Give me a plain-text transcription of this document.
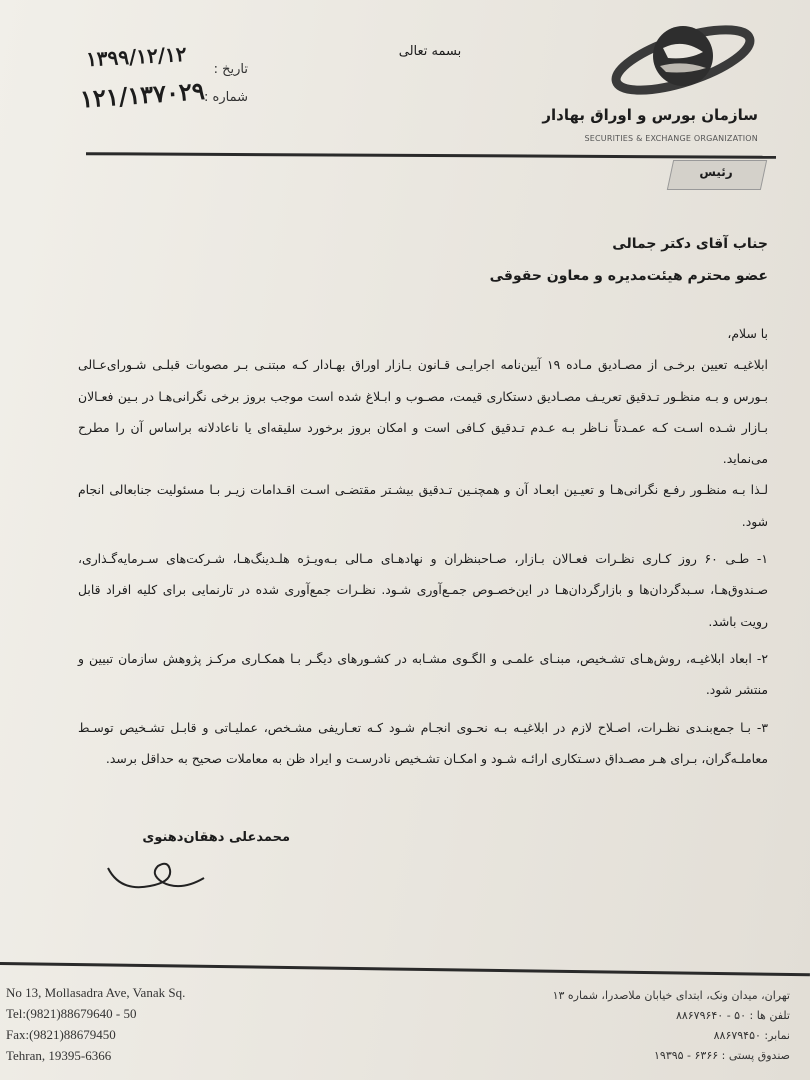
سازمان بورس و اوراق بهادار
SECURITIES & EXCHANGE ORGANIZATION
بسمه تعالی
تاریخ :
۱۳۹۹/۱۲/۱۲
شماره :
۱۲۱/۱۳۷۰۲۹
رئیس
جناب آقای دکتر جمالی
عضو محترم هیئت‌مدیره و معاون حقوقی

با سلام،

ابلاغیـه تعیین برخـی از مصـادیق مـاده ۱۹ آیین‌نامه اجرایـی قـانون بـازار اوراق بهـادار کـه مبتنـی بـر مصوبات قبلـی شـورای‌عـالی بـورس و بـه منظـور تـدقیق تعریـف مصـادیق دستکاری قیمت، مصـوب و ابـلاغ شده است موجب بروز برخی نگرانی‌هـا در بـین فعـالان بـازار شـده اسـت کـه عمـدتاً نـاظر بـه عـدم تـدقیق کـافی است و امکان بروز برخورد سلیقه‌ای یا ناعادلانه براساس آن را مطرح می‌نماید.

لـذا بـه منظـور رفـع نگرانی‌هـا و تعیـین ابعـاد آن و همچنـین تـدقیق بیشـتر مقتضـی اسـت اقـدامات زیـر بـا مسئولیت جنابعالی انجام شود.

۱- طـی ۶۰ روز کـاری نظـرات فعـالان بـازار، صـاحبنظران و نهادهـای مـالی بـه‌ویـژه هلـدینگ‌هـا، شـرکت‌های سـرمایه‌گـذاری، صـندوق‌هـا، سـبدگردان‌ها و بازارگردان‌هـا در این‌خصـوص جمـع‌آوری شـود. نظـرات جمع‌آوری شده در تارنمایی برای کلیه افراد قابل رویت باشد.

۲- ابعاد ابلاغیـه، روش‌هـای تشـخیص، مبنـای علمـی و الگـوی مشـابه در کشـورهای دیگـر بـا همکـاری مرکـز پژوهش سازمان تبیین و منتشر شود.

۳- بـا جمع‌بنـدی نظـرات، اصـلاح لازم در ابلاغیـه بـه نحـوی انجـام شـود کـه تعـاریفی مشـخص، عملیـاتی و قابـل تشـخیص توسـط معاملـه‌گران، بـرای هـر مصـداق دسـتکاری ارائـه شـود و امکـان تشـخیص نادرسـت و ایراد ظن به معاملات صحیح به حداقل برسد.

محمدعلی دهقان‌دهنوی
No 13, Mollasadra Ave, Vanak Sq.
Tel:(9821)88679640 - 50
Fax:(9821)88679450
Tehran, 19395-6366
تهران، میدان ونک، ابتدای خیابان ملاصدرا، شماره ۱۳
تلفن ها : ۵۰ - ۸۸۶۷۹۶۴۰
نمابر: ۸۸۶۷۹۴۵۰
صندوق پستی : ۶۳۶۶ - ۱۹۳۹۵
